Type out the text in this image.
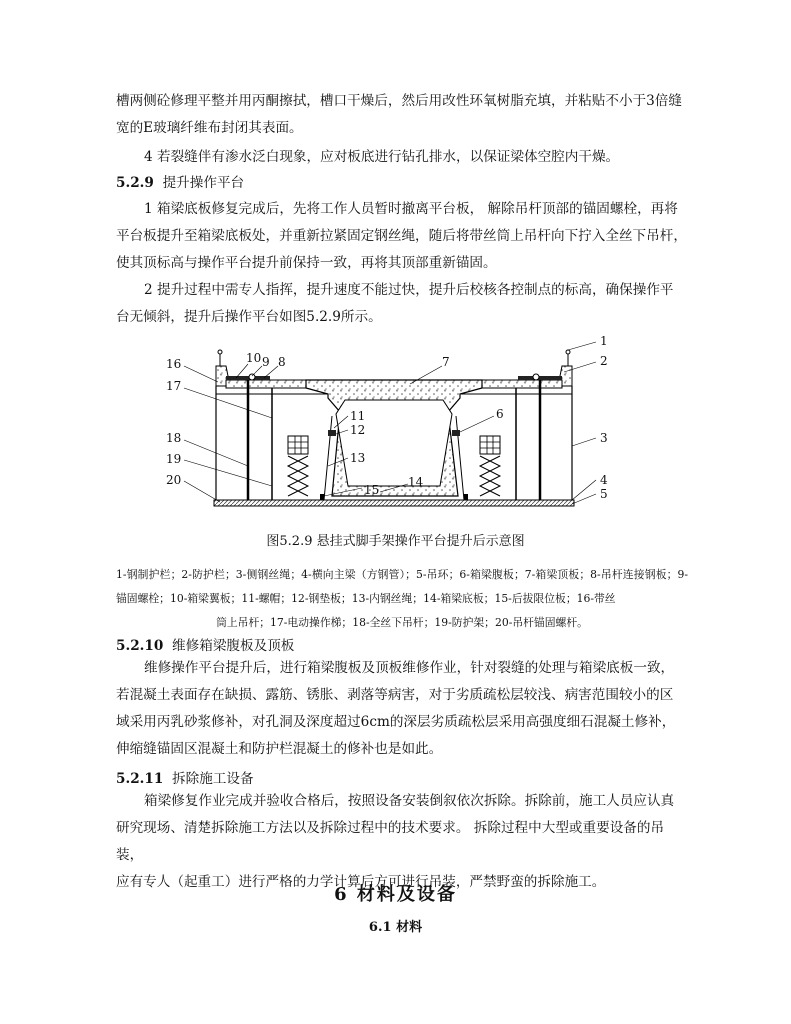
槽两侧砼修理平整并用丙酮擦拭，槽口干燥后，然后用改性环氧树脂充填，并粘贴不小于3倍缝
宽的E玻璃纤维布封闭其表面。
4 若裂缝伴有渗水泛白现象，应对板底进行钻孔排水，以保证梁体空腔内干燥。
5.2.9 提升操作平台
1 箱梁底板修复完成后，先将工作人员暂时撤离平台板， 解除吊杆顶部的锚固螺栓，再将
平台板提升至箱梁底板处，并重新拉紧固定钢丝绳，随后将带丝筒上吊杆向下拧入全丝下吊杆，
使其顶标高与操作平台提升前保持一致，再将其顶部重新锚固。
2 提升过程中需专人指挥，提升速度不能过快，提升后校核各控制点的标高，确保操作平
台无倾斜，提升后操作平台如图5.2.9所示。
1
2
3
4
5
6
7
8
9
10
11
12
13
14
15
16
17
18
19
20
图5.2.9 悬挂式脚手架操作平台提升后示意图
1-钢制护栏；2-防护栏；3-侧钢丝绳；4-横向主梁（方钢管）；5-吊环；6-箱梁腹板；7-箱梁顶板；8-吊杆连接钢板；9-锚固螺栓；10-箱梁翼板；11-螺帽；12-钢垫板；13-内钢丝绳；14-箱梁底板；15-后拔限位板；16-带丝
筒上吊杆；17-电动操作梯；18-全丝下吊杆；19-防护架；20-吊杆锚固螺杆。
5.2.10 维修箱梁腹板及顶板
维修操作平台提升后，进行箱梁腹板及顶板维修作业，针对裂缝的处理与箱梁底板一致，
若混凝土表面存在缺损、露筋、锈胀、剥落等病害，对于劣质疏松层较浅、病害范围较小的区
域采用丙乳砂浆修补，对孔洞及深度超过6cm的深层劣质疏松层采用高强度细石混凝土修补，
伸缩缝锚固区混凝土和防护栏混凝土的修补也是如此。
5.2.11 拆除施工设备
箱梁修复作业完成并验收合格后，按照设备安装倒叙依次拆除。拆除前，施工人员应认真
研究现场、清楚拆除施工方法以及拆除过程中的技术要求。 拆除过程中大型或重要设备的吊装，
应有专人（起重工）进行严格的力学计算后方可进行吊装，严禁野蛮的拆除施工。
6 材料及设备
6.1 材料
